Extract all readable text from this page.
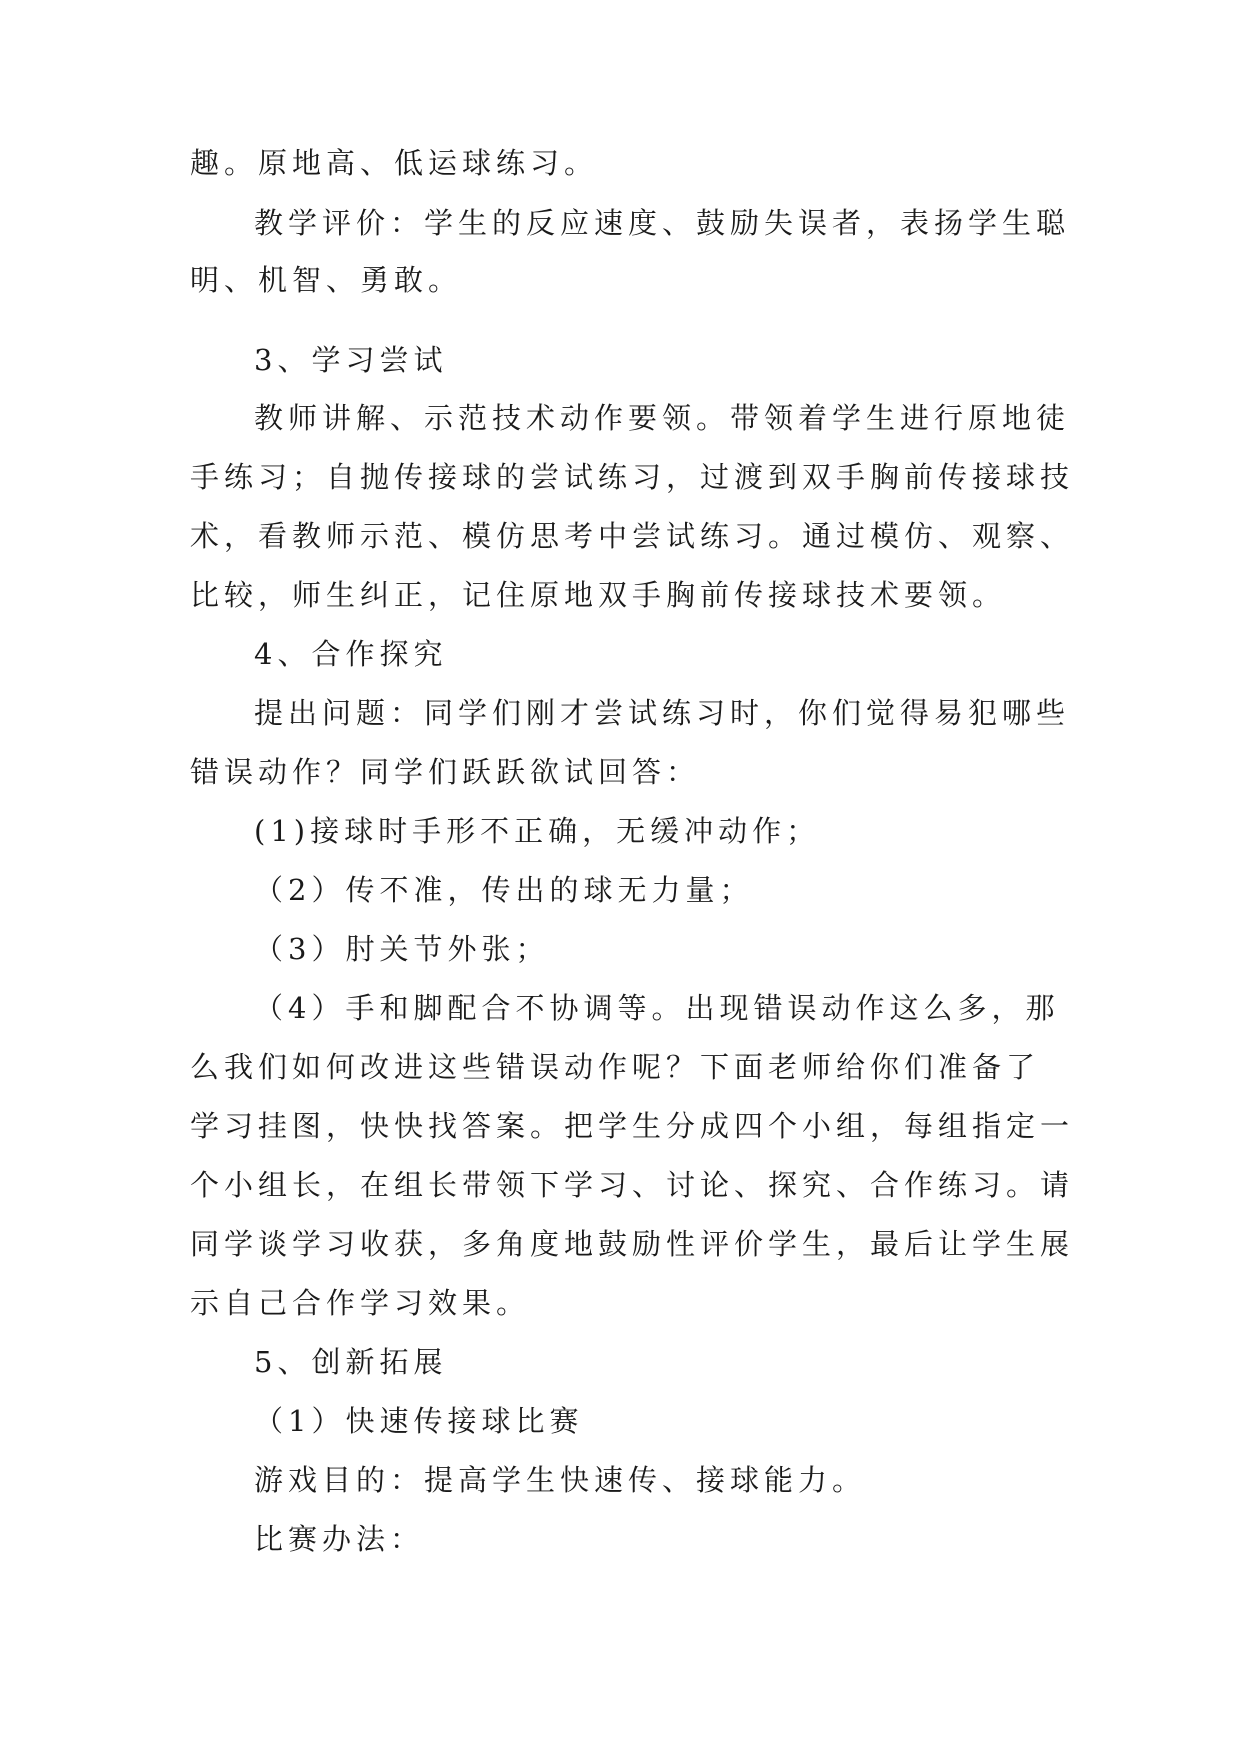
趣。原地高、低运球练习。

教学评价：学生的反应速度、鼓励失误者，表扬学生聪

明、机智、勇敢。

3、学习尝试

教师讲解、示范技术动作要领。带领着学生进行原地徒

手练习；自抛传接球的尝试练习，过渡到双手胸前传接球技

术，看教师示范、模仿思考中尝试练习。通过模仿、观察、

比较，师生纠正，记住原地双手胸前传接球技术要领。

4、合作探究

提出问题：同学们刚才尝试练习时，你们觉得易犯哪些

错误动作？同学们跃跃欲试回答：

(1)接球时手形不正确，无缓冲动作；

（2）传不准，传出的球无力量；

（3）肘关节外张；

（4）手和脚配合不协调等。出现错误动作这么多，那

么我们如何改进这些错误动作呢？下面老师给你们准备了

学习挂图，快快找答案。把学生分成四个小组，每组指定一

个小组长，在组长带领下学习、讨论、探究、合作练习。请

同学谈学习收获，多角度地鼓励性评价学生，最后让学生展

示自己合作学习效果。

5、创新拓展

（1）快速传接球比赛

游戏目的：提高学生快速传、接球能力。

比赛办法：
